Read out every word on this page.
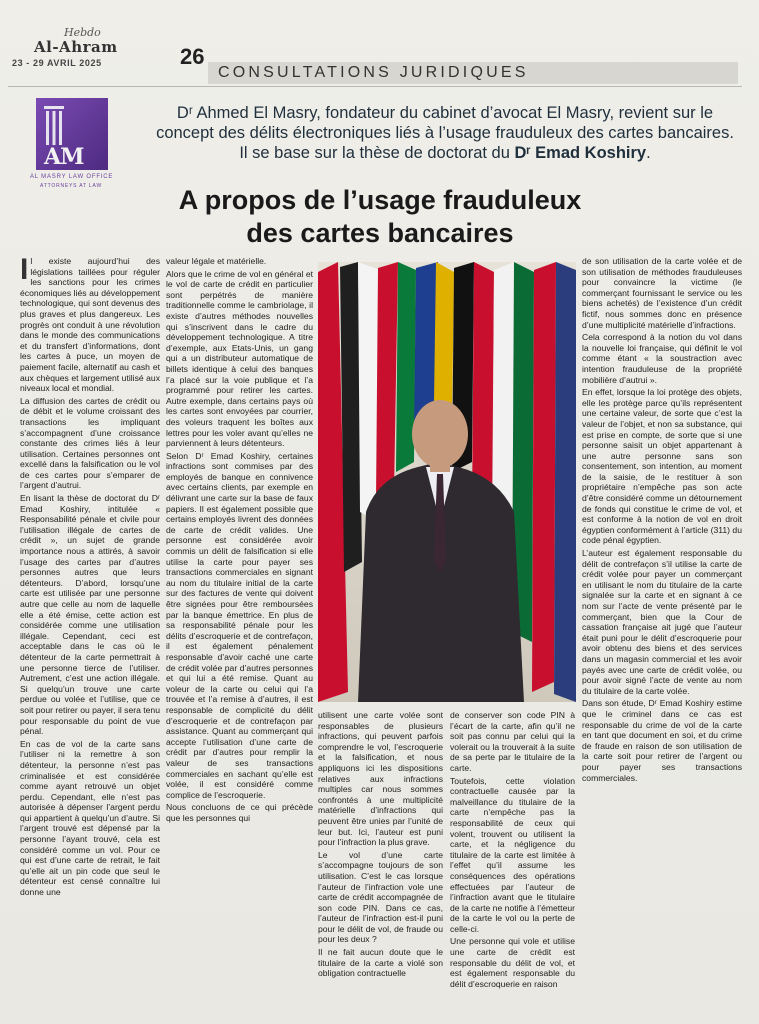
Hebdo
Al-Ahram
23 - 29 AVRIL 2025	26
CONSULTATIONS JURIDIQUES
AM
AL MASRY LAW OFFICE
ATTORNEYS AT LAW
Dʳ Ahmed El Masry, fondateur du cabinet d’avocat El Masry, revient sur le concept des délits électroniques liés à l’usage frauduleux des cartes bancaires. Il se base sur la thèse de doctorat du Dʳ Emad Koshiry.
A propos de l’usage frauduleux
des cartes bancaires

Il existe aujourd’hui des législations taillées pour réguler les sanctions pour les crimes économiques liés au développement technologique, qui sont devenus des plus graves et plus dangereux. Les progrès ont conduit à une révolution dans le monde des communications et du transfert d’informations, dont les cartes à puce, un moyen de paiement facile, alternatif au cash et aux chèques et largement utilisé aux niveaux local et mondial.

La diffusion des cartes de crédit ou de débit et le volume croissant des transactions les impliquant s’accompagnent d’une croissance constante des crimes liés à leur utilisation. Certaines personnes ont excellé dans la falsification ou le vol de ces cartes pour s’emparer de l’argent d’autrui.

En lisant la thèse de doctorat du Dʳ Emad Koshiry, intitulée « Responsabilité pénale et civile pour l’utilisation illégale de cartes de crédit », un sujet de grande importance nous a attirés, à savoir l’usage des cartes par d’autres personnes autres que leurs détenteurs. D’abord, lorsqu’une carte est utilisée par une personne autre que celle au nom de laquelle elle a été émise, cette action est considérée comme une utilisation illégale. Cependant, ceci est acceptable dans le cas où le détenteur de la carte permettrait à une personne tierce de l’utiliser. Autrement, c’est une action illégale. Si quelqu’un trouve une carte perdue ou volée et l’utilise, que ce soit pour retirer ou payer, il sera tenu pour responsable du point de vue pénal.

En cas de vol de la carte sans l’utiliser ni la remettre à son détenteur, la personne n’est pas criminalisée et est considérée comme ayant retrouvé un objet perdu. Cependant, elle n’est pas autorisée à dépenser l’argent perdu qui appartient à quelqu’un d’autre. Si l’argent trouvé est dépensé par la personne l’ayant trouvé, cela est considéré comme un vol. Pour ce qui est d’une carte de retrait, le fait qu’elle ait un pin code que seul le détenteur est censé connaître lui donne une

valeur légale et matérielle.

Alors que le crime de vol en général et le vol de carte de crédit en particulier sont perpétrés de manière traditionnelle comme le cambriolage, il existe d’autres méthodes nouvelles qui s’inscrivent dans le cadre du développement technologique. A titre d’exemple, aux Etats-Unis, un gang qui a un distributeur automatique de billets identique à celui des banques l’a placé sur la voie publique et l’a programmé pour retirer les cartes. Autre exemple, dans certains pays où les cartes sont envoyées par courrier, des voleurs traquent les boîtes aux lettres pour les voler avant qu’elles ne parviennent à leurs détenteurs.

Selon Dʳ Emad Koshiry, certaines infractions sont commises par des employés de banque en connivence avec certains clients, par exemple en délivrant une carte sur la base de faux papiers. Il est également possible que certains employés livrent des données de carte de crédit valides. Une personne est considérée avoir commis un délit de falsification si elle utilise la carte pour payer ses transactions commerciales en signant au nom du titulaire initial de la carte sur des factures de vente qui doivent être signées pour être remboursées par la banque émettrice. En plus de sa responsabilité pénale pour les délits d’escroquerie et de contrefaçon, il est également pénalement responsable d’avoir caché une carte de crédit volée par d’autres personnes et qui lui a été remise. Quant au voleur de la carte ou celui qui l’a trouvée et l’a remise à d’autres, il est responsable de complicité du délit d’escroquerie et de contrefaçon par assistance. Quant au commerçant qui accepte l’utilisation d’une carte de crédit par d’autres pour remplir la valeur de ses transactions commerciales en sachant qu’elle est volée, il est considéré comme complice de l’escroquerie.

Nous concluons de ce qui précède que les personnes qui

utilisent une carte volée sont responsables de plusieurs infractions, qui peuvent parfois comprendre le vol, l’escroquerie et la falsification, et nous appliquons ici les dispositions relatives aux infractions multiples car nous sommes confrontés à une multiplicité matérielle d’infractions qui peuvent être unies par l’unité de leur but. Ici, l’auteur est puni pour l’infraction la plus grave.

Le vol d’une carte s’accompagne toujours de son utilisation. C’est le cas lorsque l’auteur de l’infraction vole une carte de crédit accompagnée de son code PIN. Dans ce cas, l’auteur de l’infraction est-il puni pour le délit de vol, de fraude ou pour les deux ?

Il ne fait aucun doute que le titulaire de la carte a violé son obligation contractuelle

de conserver son code PIN à l’écart de la carte, afin qu’il ne soit pas connu par celui qui la volerait ou la trouverait à la suite de sa perte par le titulaire de la carte.

Toutefois, cette violation contractuelle causée par la malveillance du titulaire de la carte n’empêche pas la responsabilité de ceux qui volent, trouvent ou utilisent la carte, et la négligence du titulaire de la carte est limitée à l’effet qu’il assume les conséquences des opérations effectuées par l’auteur de l’infraction avant que le titulaire de la carte ne notifie à l’émetteur de la carte le vol ou la perte de celle-ci.

Une personne qui vole et utilise une carte de crédit est responsable du délit de vol, et est également responsable du délit d’escroquerie en raison

de son utilisation de la carte volée et de son utilisation de méthodes frauduleuses pour convaincre la victime (le commerçant fournissant le service ou les biens achetés) de l’existence d’un crédit fictif, nous sommes donc en présence d’une multiplicité matérielle d’infractions.

Cela correspond à la notion du vol dans la nouvelle loi française, qui définit le vol comme étant « la soustraction avec intention frauduleuse de la propriété mobilière d’autrui ».

En effet, lorsque la loi protège des objets, elle les protège parce qu’ils représentent une certaine valeur, de sorte que c’est la valeur de l’objet, et non sa substance, qui est prise en compte, de sorte que si une personne saisit un objet appartenant à une autre personne sans son consentement, son intention, au moment de la saisie, de le restituer à son propriétaire n’empêche pas son acte d’être considéré comme un détournement de fonds qui constitue le crime de vol, et est conforme à la notion de vol en droit égyptien conformément à l’article (311) du code pénal égyptien.

L’auteur est également responsable du délit de contrefaçon s’il utilise la carte de crédit volée pour payer un commerçant en utilisant le nom du titulaire de la carte signalée sur la carte et en signant à ce nom sur l’acte de vente présenté par le commerçant, bien que la Cour de cassation française ait jugé que l’auteur était puni pour le délit d’escroquerie pour avoir obtenu des biens et des services dans un magasin commercial et les avoir payés avec une carte de crédit volée, ou pour avoir signé l’acte de vente au nom du titulaire de la carte volée.

Dans son étude, Dʳ Emad Koshiry estime que le criminel dans ce cas est responsable du crime de vol de la carte en tant que document en soi, et du crime de fraude en raison de son utilisation de la carte soit pour retirer de l’argent ou pour payer ses transactions commerciales.
